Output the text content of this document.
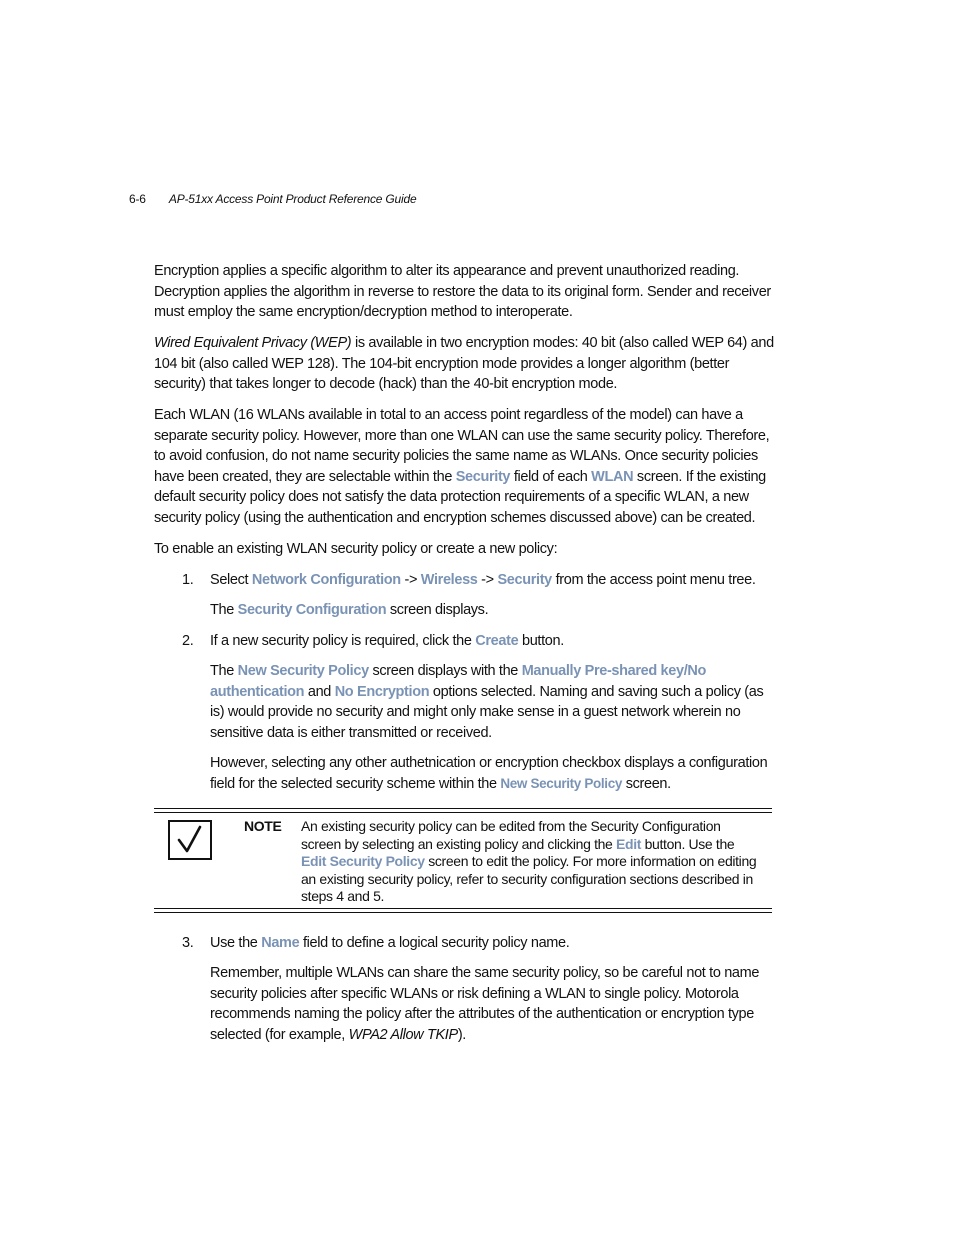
6-6 AP-51xx Access Point Product Reference Guide

Encryption applies a specific algorithm to alter its appearance and prevent unauthorized reading. Decryption applies the algorithm in reverse to restore the data to its original form. Sender and receiver must employ the same encryption/decryption method to interoperate.

Wired Equivalent Privacy (WEP) is available in two encryption modes: 40 bit (also called WEP 64) and 104 bit (also called WEP 128). The 104-bit encryption mode provides a longer algorithm (better security) that takes longer to decode (hack) than the 40-bit encryption mode.

Each WLAN (16 WLANs available in total to an access point regardless of the model) can have a separate security policy. However, more than one WLAN can use the same security policy. Therefore, to avoid confusion, do not name security policies the same name as WLANs. Once security policies have been created, they are selectable within the Security field of each WLAN screen. If the existing default security policy does not satisfy the data protection requirements of a specific WLAN, a new security policy (using the authentication and encryption schemes discussed above) can be created.

To enable an existing WLAN security policy or create a new policy:

1. Select Network Configuration -> Wireless -> Security from the access point menu tree.

The Security Configuration screen displays.

2. If a new security policy is required, click the Create button.

The New Security Policy screen displays with the Manually Pre-shared key/No authentication and No Encryption options selected. Naming and saving such a policy (as is) would provide no security and might only make sense in a guest network wherein no sensitive data is either transmitted or received.

However, selecting any other authetnication or encryption checkbox displays a configuration field for the selected security scheme within the New Security Policy screen.

NOTE An existing security policy can be edited from the Security Configuration screen by selecting an existing policy and clicking the Edit button. Use the Edit Security Policy screen to edit the policy. For more information on editing an existing security policy, refer to security configuration sections described in steps 4 and 5.
3. Use the Name field to define a logical security policy name.

Remember, multiple WLANs can share the same security policy, so be careful not to name security policies after specific WLANs or risk defining a WLAN to single policy. Motorola recommends naming the policy after the attributes of the authentication or encryption type selected (for example, WPA2 Allow TKIP).
